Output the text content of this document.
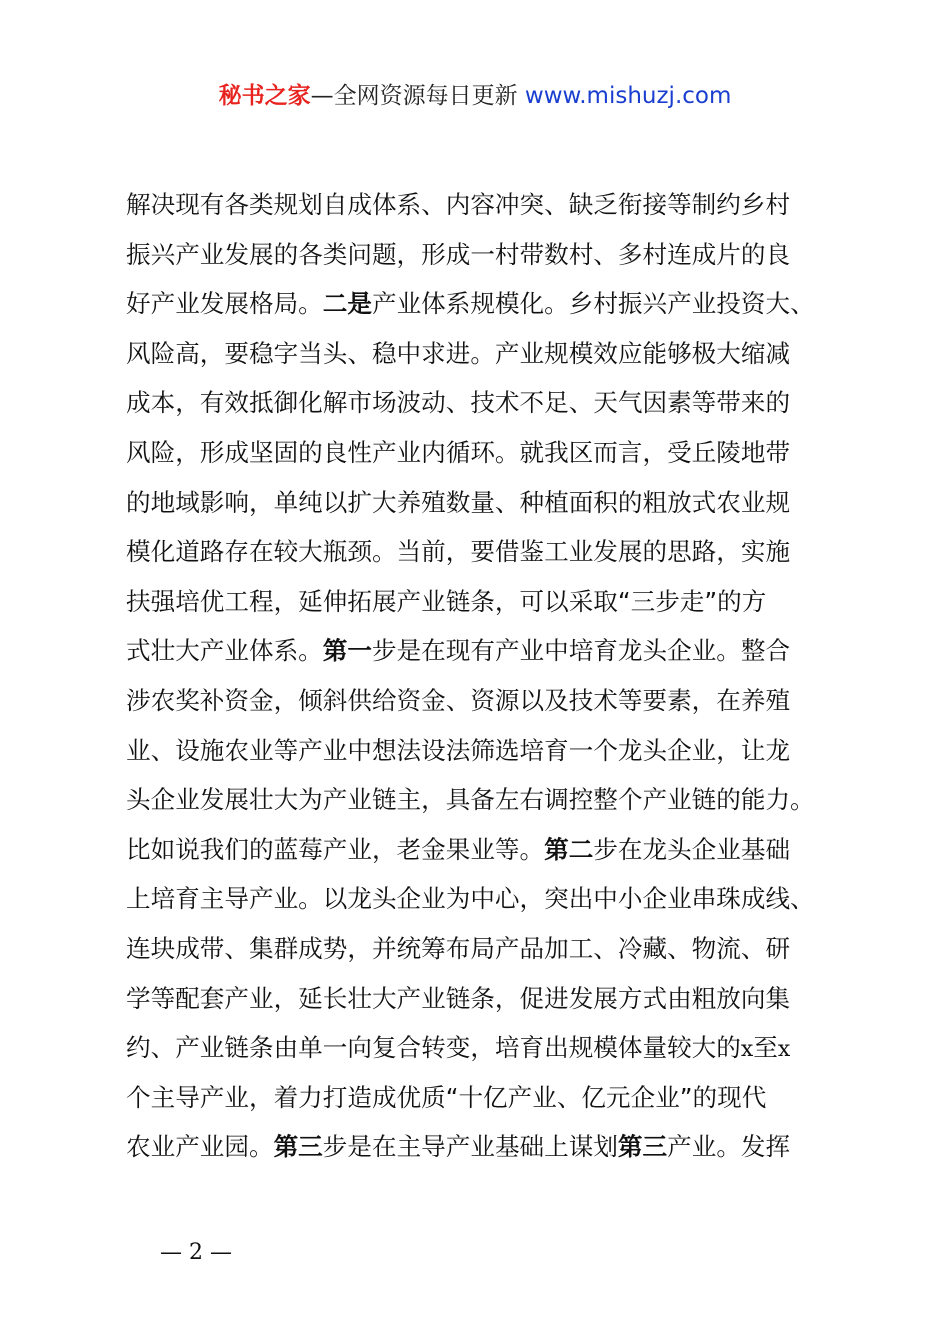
秘书之家—全网资源每日更新 www.mishuzj.com
解决现有各类规划自成体系、内容冲突、缺乏衔接等制约乡村
振兴产业发展的各类问题，形成一村带数村、多村连成片的良
好产业发展格局。二是产业体系规模化。乡村振兴产业投资大、
风险高，要稳字当头、稳中求进。产业规模效应能够极大缩减
成本，有效抵御化解市场波动、技术不足、天气因素等带来的
风险，形成坚固的良性产业内循环。就我区而言，受丘陵地带
的地域影响，单纯以扩大养殖数量、种植面积的粗放式农业规
模化道路存在较大瓶颈。当前，要借鉴工业发展的思路，实施
扶强培优工程，延伸拓展产业链条，可以采取“三步走”的方
式壮大产业体系。第一步是在现有产业中培育龙头企业。整合
涉农奖补资金，倾斜供给资金、资源以及技术等要素，在养殖
业、设施农业等产业中想法设法筛选培育一个龙头企业，让龙
头企业发展壮大为产业链主，具备左右调控整个产业链的能力。
比如说我们的蓝莓产业，老金果业等。第二步在龙头企业基础
上培育主导产业。以龙头企业为中心，突出中小企业串珠成线、
连块成带、集群成势，并统筹布局产品加工、冷藏、物流、研
学等配套产业，延长壮大产业链条，促进发展方式由粗放向集
约、产业链条由单一向复合转变，培育出规模体量较大的x至x
个主导产业，着力打造成优质“十亿产业、亿元企业”的现代
农业产业园。第三步是在主导产业基础上谋划第三产业。发挥
— 2 —
